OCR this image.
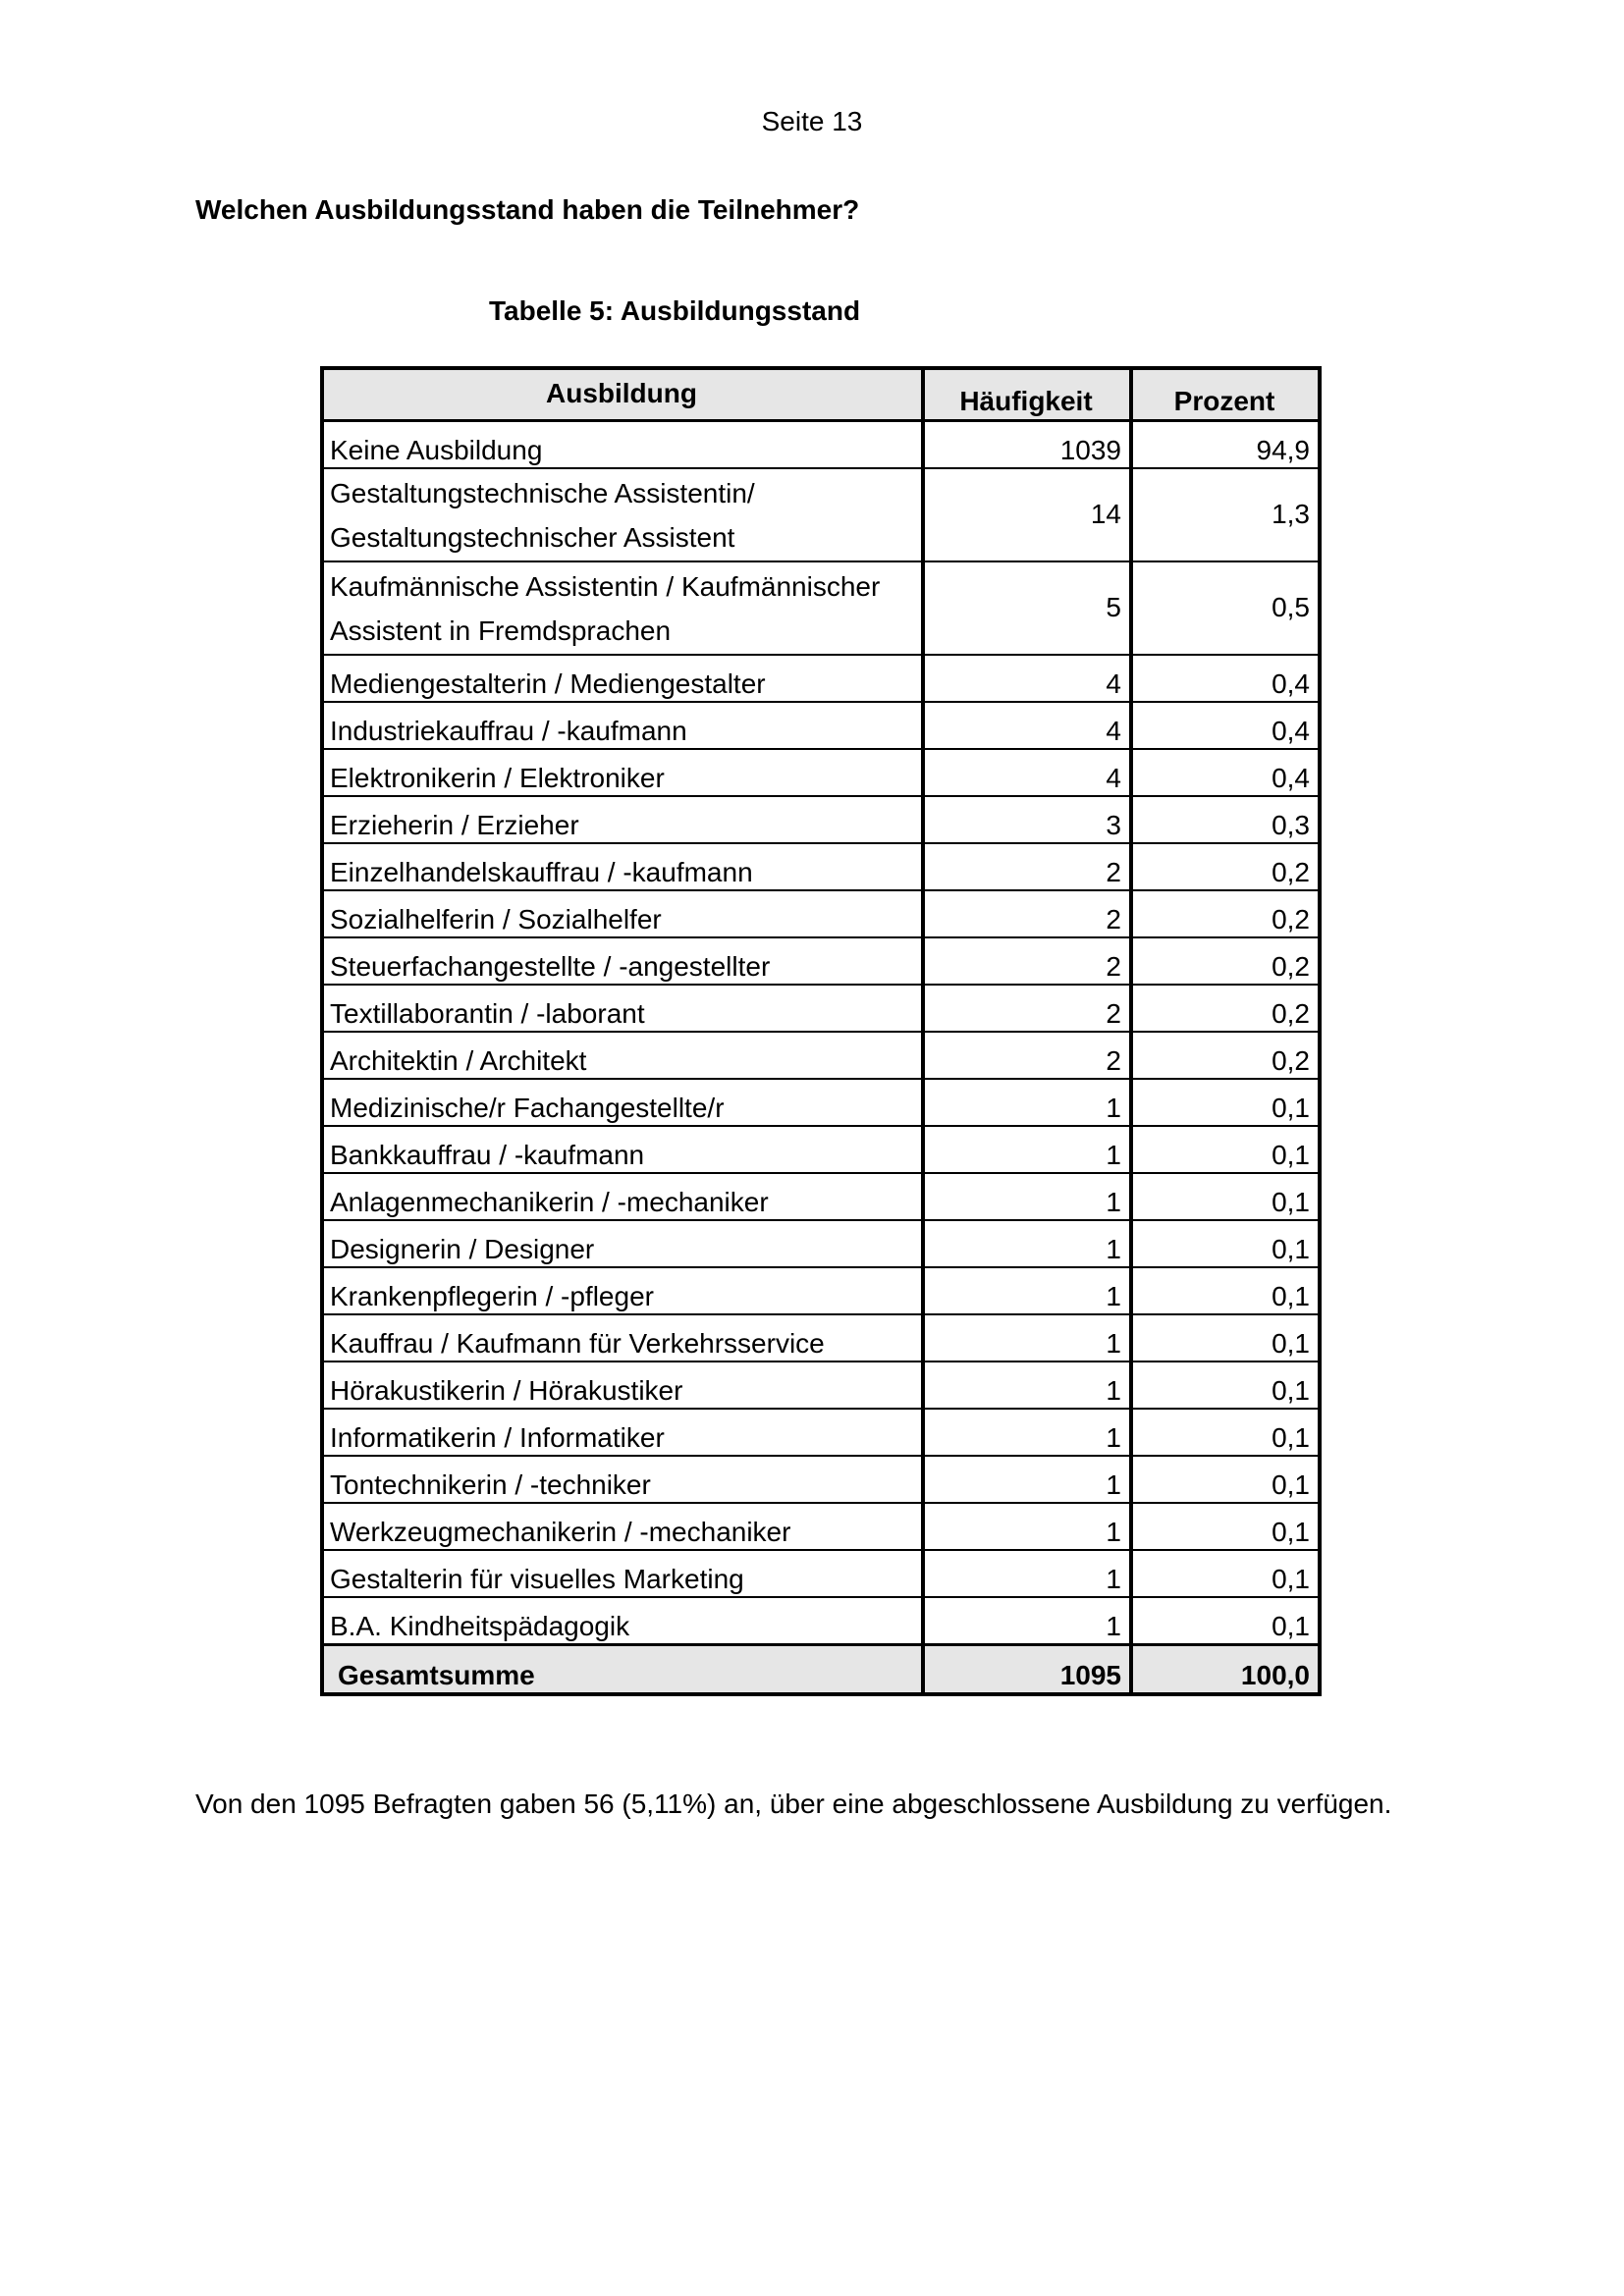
Seite 13
Welchen Ausbildungsstand haben die Teilnehmer?
Tabelle 5: Ausbildungsstand
Ausbildung	Häufigkeit	Prozent
Keine Ausbildung	1039	94,9
Gestaltungstechnische Assistentin/
Gestaltungstechnischer Assistent	14	1,3
Kaufmännische Assistentin / Kaufmännischer
Assistent in Fremdsprachen	5	0,5
Mediengestalterin / Mediengestalter	4	0,4
Industriekauffrau / -kaufmann	4	0,4
Elektronikerin / Elektroniker	4	0,4
Erzieherin / Erzieher	3	0,3
Einzelhandelskauffrau / -kaufmann	2	0,2
Sozialhelferin / Sozialhelfer	2	0,2
Steuerfachangestellte / -angestellter	2	0,2
Textillaborantin / -laborant	2	0,2
Architektin / Architekt	2	0,2
Medizinische/r Fachangestellte/r	1	0,1
Bankkauffrau / -kaufmann	1	0,1
Anlagenmechanikerin / -mechaniker	1	0,1
Designerin / Designer	1	0,1
Krankenpflegerin / -pfleger	1	0,1
Kauffrau / Kaufmann für Verkehrsservice	1	0,1
Hörakustikerin / Hörakustiker	1	0,1
Informatikerin / Informatiker	1	0,1
Tontechnikerin / -techniker	1	0,1
Werkzeugmechanikerin / -mechaniker	1	0,1
Gestalterin für visuelles Marketing	1	0,1
B.A. Kindheitspädagogik	1	0,1
Gesamtsumme	1095	100,0
Von den 1095 Befragten gaben 56 (5,11%) an, über eine abgeschlossene Ausbildung zu verfügen.
